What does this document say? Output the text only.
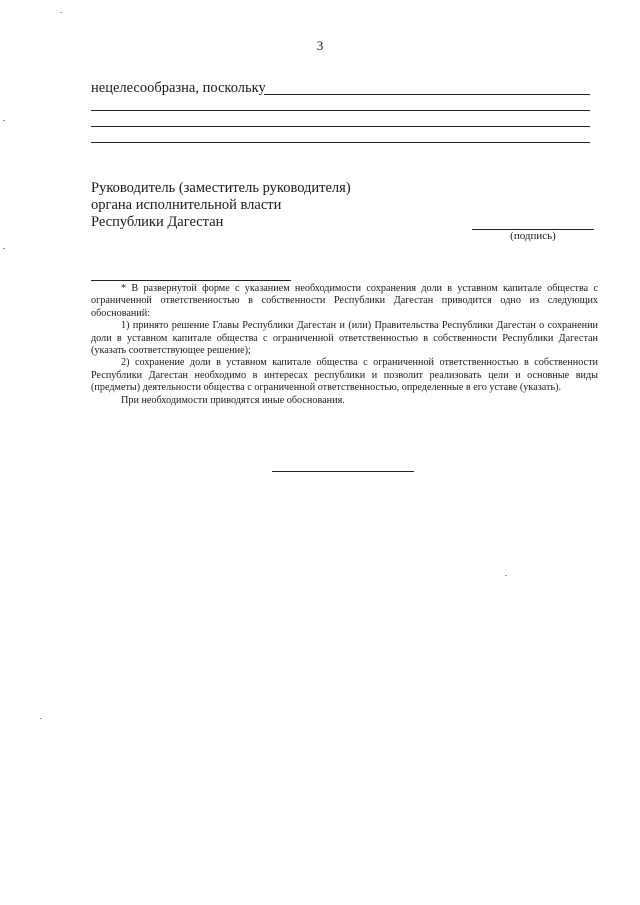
3
нецелесообразна, поскольку
Руководитель (заместитель руководителя)
органа исполнительной власти
Республики Дагестан
(подпись)

* В развернутой форме с указанием необходимости сохранения доли в уставном капитале общества с ограниченной ответственностью в собственности Республики Дагестан приводится одно из следующих обоснований:

1) принято решение Главы Республики Дагестан и (или) Правительства Республики Дагестан о сохранении доли в уставном капитале общества с ограниченной ответственностью в собственности Республики Дагестан (указать соответствующее решение);

2) сохранение доли в уставном капитале общества с ограниченной ответственностью в собственности Республики Дагестан необходимо в интересах республики и позволит реализовать цели и основные виды (предметы) деятельности общества с ограниченной ответственностью, определенные в его уставе (указать).

При необходимости приводятся иные обоснования.
